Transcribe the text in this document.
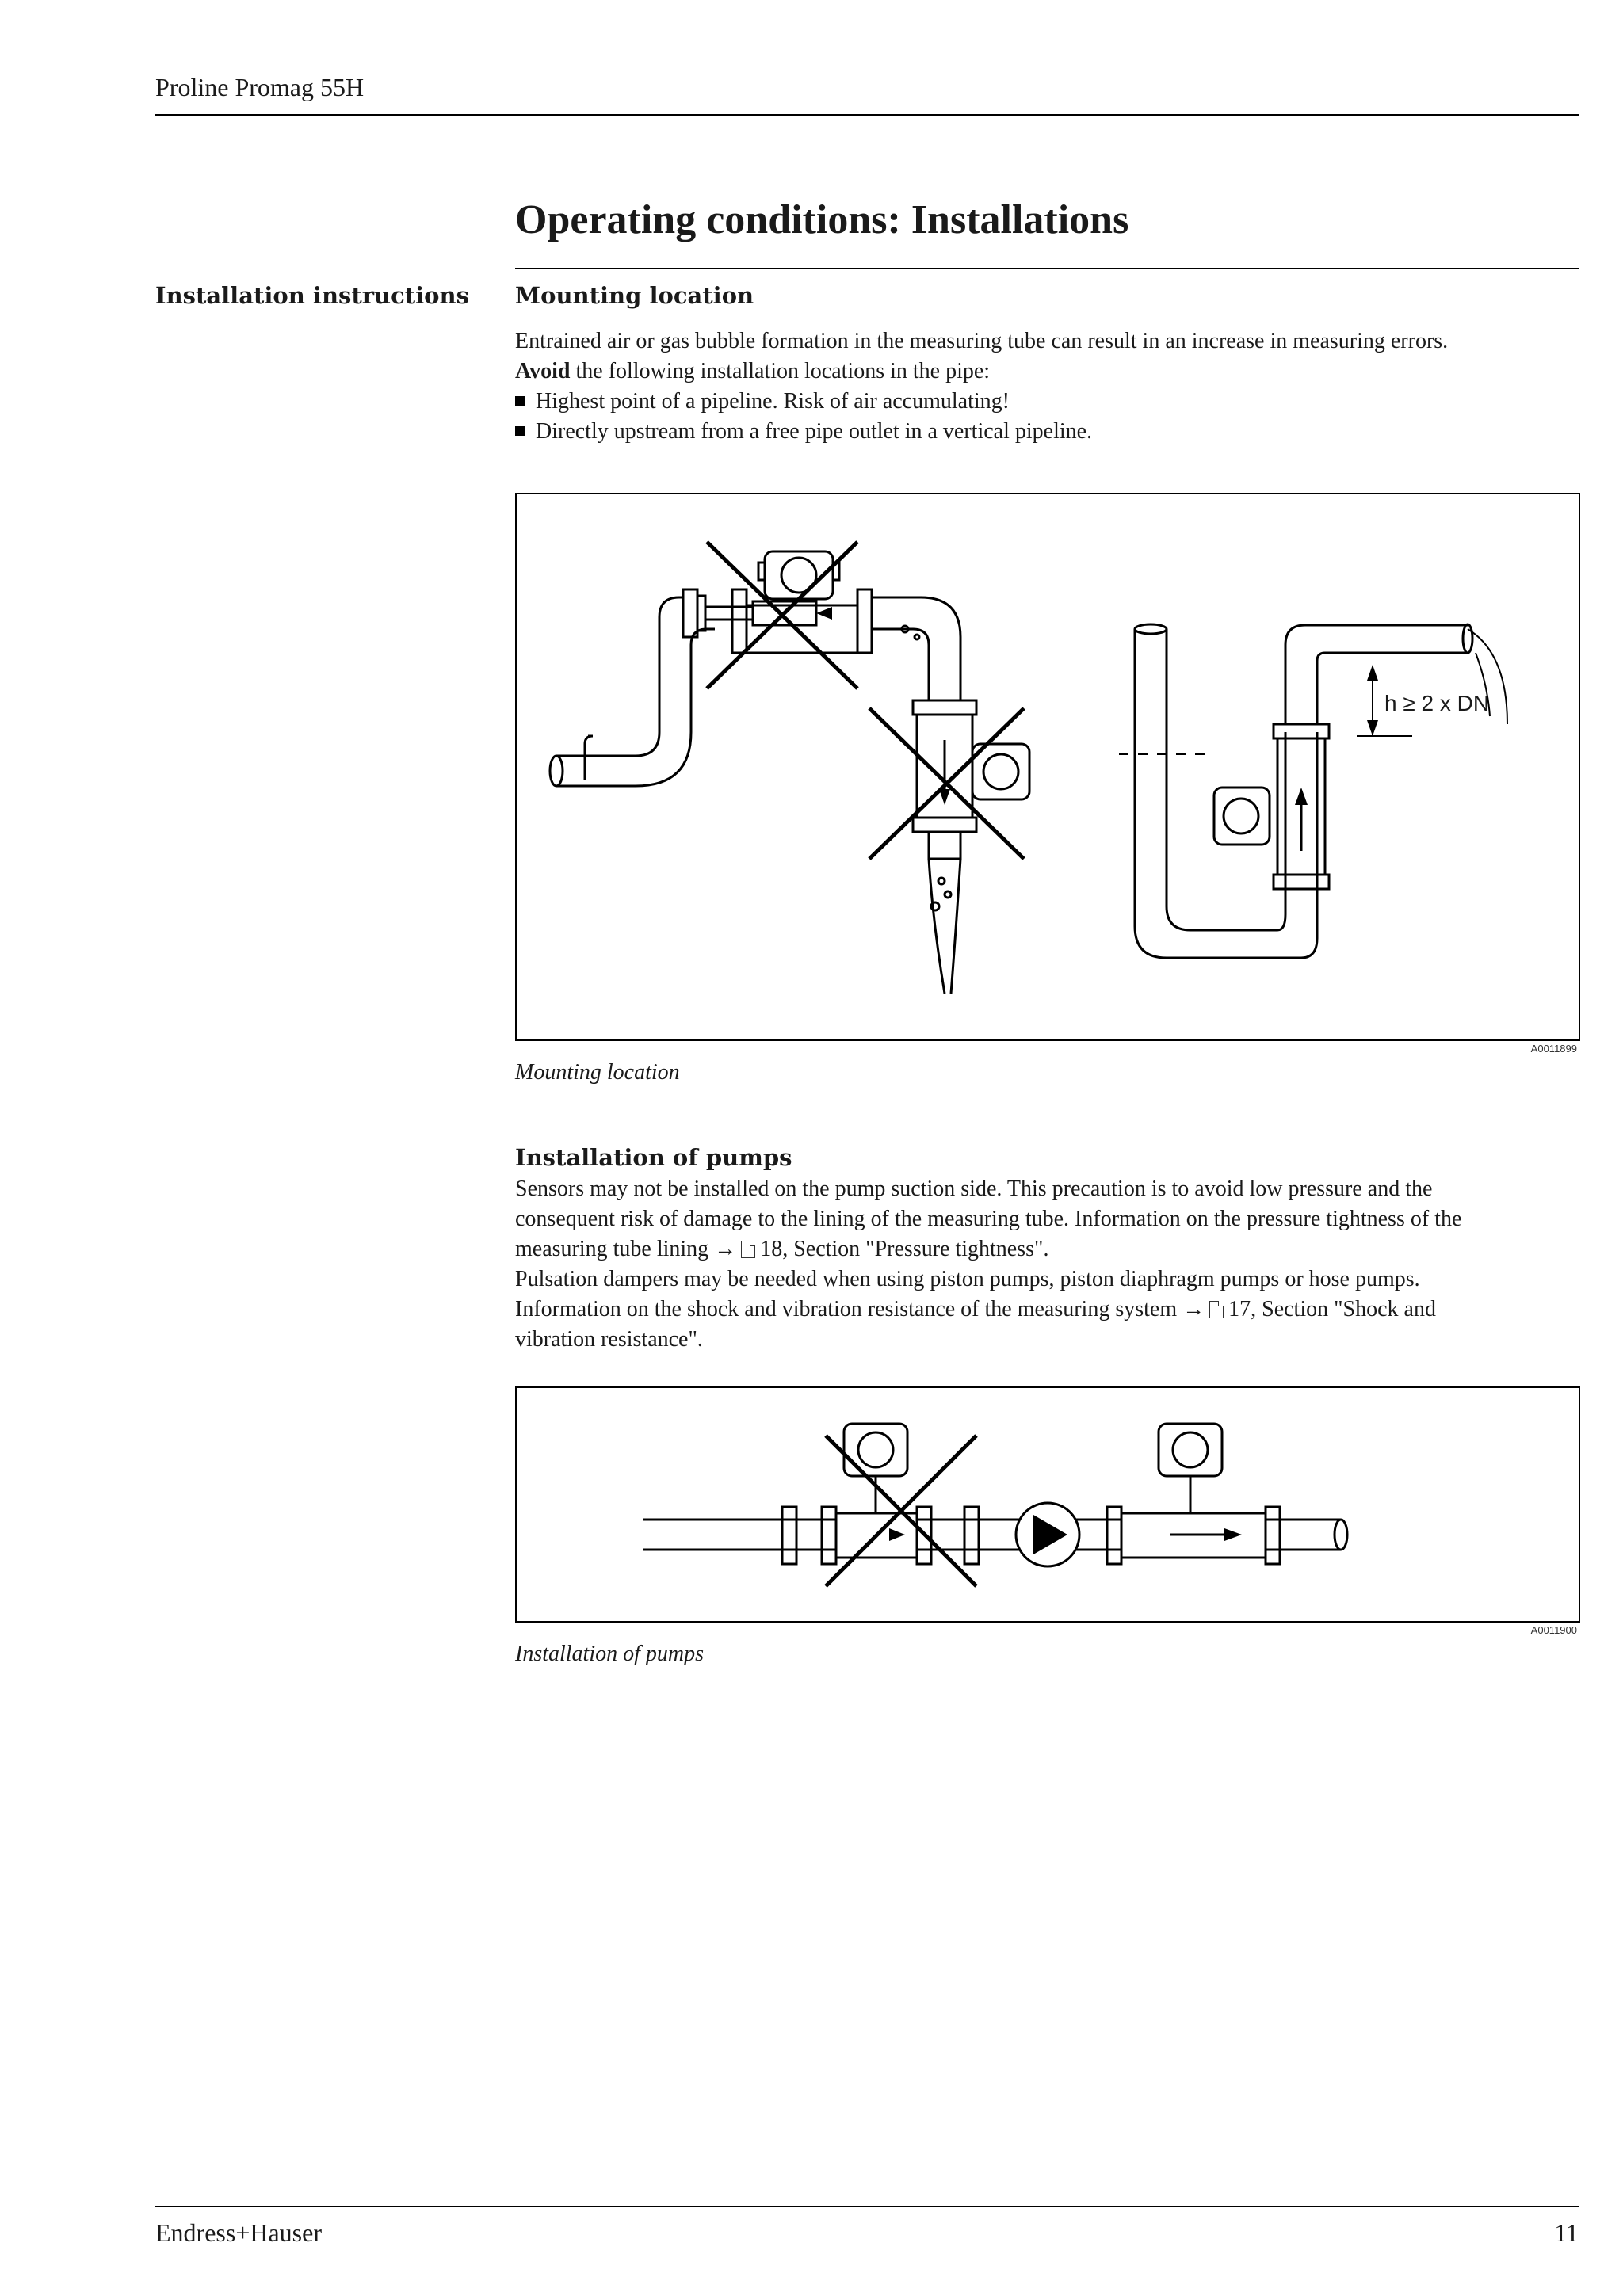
Proline Promag 55H
Operating conditions: Installations
Installation instructions Mounting location
Entrained air or gas bubble formation in the measuring tube can result in an increase in measuring errors.
Avoid the following installation locations in the pipe:
Highest point of a pipeline. Risk of air accumulating!
Directly upstream from a free pipe outlet in a vertical pipeline.
h ≥ 2 x DN
A0011899
Mounting location
Installation of pumps
Sensors may not be installed on the pump suction side. This precaution is to avoid low pressure and the
consequent risk of damage to the lining of the measuring tube. Information on the pressure tightness of the
measuring tube lining → 18, Section "Pressure tightness".
Pulsation dampers may be needed when using piston pumps, piston diaphragm pumps or hose pumps.
Information on the shock and vibration resistance of the measuring system → 17, Section "Shock and
vibration resistance".
A0011900
Installation of pumps
Endress+Hauser	11
